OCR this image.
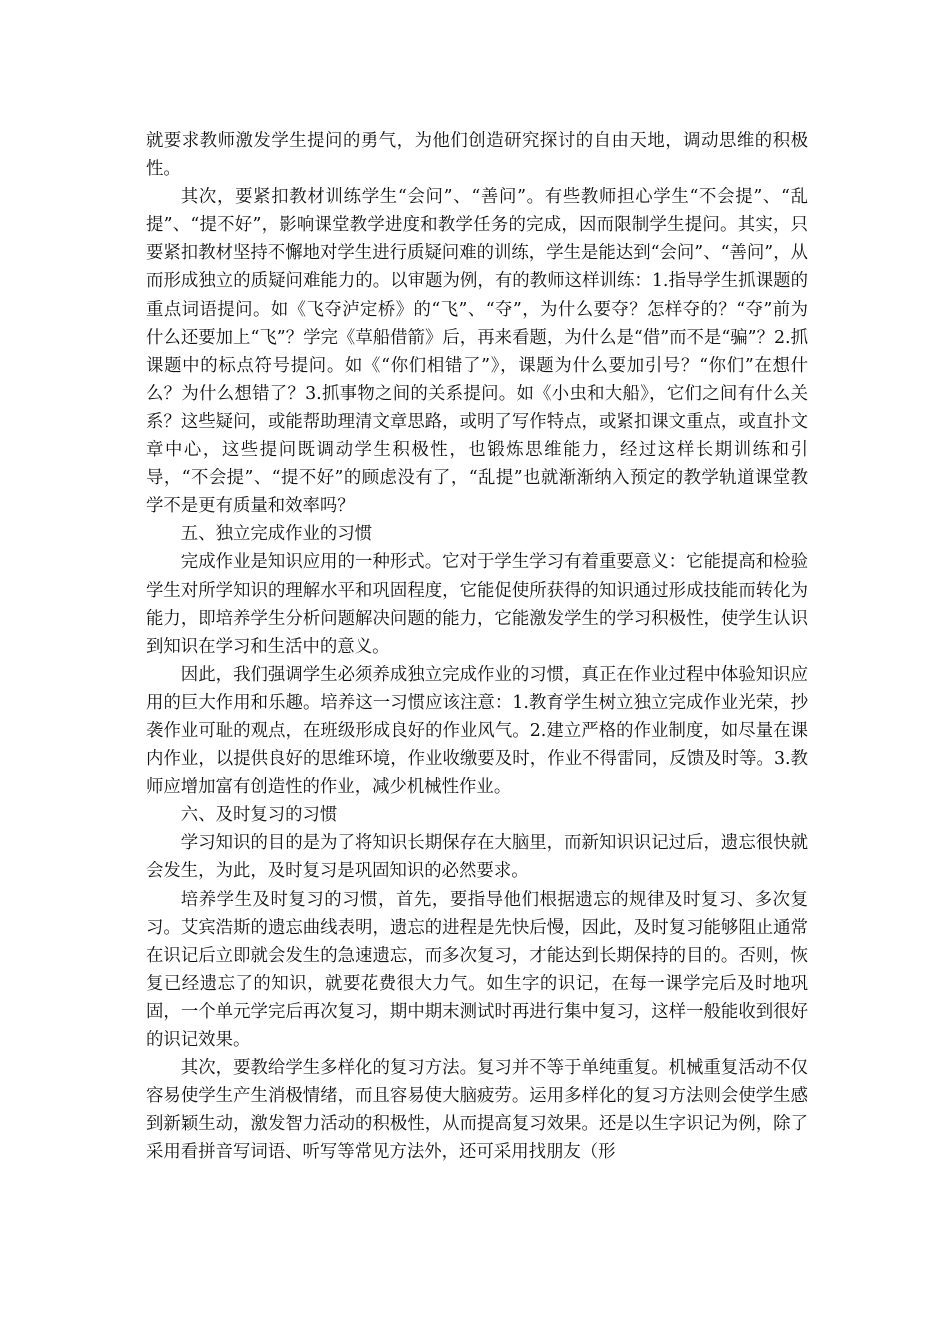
就要求教师激发学生提问的勇气，为他们创造研究探讨的自由天地，调动思维的积极性。

其次，要紧扣教材训练学生“会问”、“善问”。有些教师担心学生“不会提”、“乱提”、“提不好”，影响课堂教学进度和教学任务的完成，因而限制学生提问。其实，只要紧扣教材坚持不懈地对学生进行质疑问难的训练，学生是能达到“会问”、“善问”，从而形成独立的质疑问难能力的。以审题为例，有的教师这样训练：1.指导学生抓课题的重点词语提问。如《飞夺泸定桥》的“飞”、“夺”，为什么要夺？怎样夺的？“夺”前为什么还要加上“飞”？学完《草船借箭》后，再来看题，为什么是“借”而不是“骗”？2.抓课题中的标点符号提问。如《“你们相错了”》，课题为什么要加引号？“你们”在想什么？为什么想错了？3.抓事物之间的关系提问。如《小虫和大船》，它们之间有什么关系？这些疑问，或能帮助理清文章思路，或明了写作特点，或紧扣课文重点，或直扑文章中心，这些提问既调动学生积极性，也锻炼思维能力，经过这样长期训练和引导，“不会提”、“提不好”的顾虑没有了，“乱提”也就渐渐纳入预定的教学轨道课堂教学不是更有质量和效率吗？

五、独立完成作业的习惯

完成作业是知识应用的一种形式。它对于学生学习有着重要意义：它能提高和检验学生对所学知识的理解水平和巩固程度，它能促使所获得的知识通过形成技能而转化为能力，即培养学生分析问题解决问题的能力，它能激发学生的学习积极性，使学生认识到知识在学习和生活中的意义。

因此，我们强调学生必须养成独立完成作业的习惯，真正在作业过程中体验知识应用的巨大作用和乐趣。培养这一习惯应该注意：1.教育学生树立独立完成作业光荣，抄袭作业可耻的观点，在班级形成良好的作业风气。2.建立严格的作业制度，如尽量在课内作业，以提供良好的思维环境，作业收缴要及时，作业不得雷同，反馈及时等。3.教师应增加富有创造性的作业，减少机械性作业。

六、及时复习的习惯

学习知识的目的是为了将知识长期保存在大脑里，而新知识识记过后，遗忘很快就会发生，为此，及时复习是巩固知识的必然要求。

培养学生及时复习的习惯，首先，要指导他们根据遗忘的规律及时复习、多次复习。艾宾浩斯的遗忘曲线表明，遗忘的进程是先快后慢，因此，及时复习能够阻止通常在识记后立即就会发生的急速遗忘，而多次复习，才能达到长期保持的目的。否则，恢复已经遗忘了的知识，就要花费很大力气。如生字的识记，在每一课学完后及时地巩固，一个单元学完后再次复习，期中期末测试时再进行集中复习，这样一般能收到很好的识记效果。

其次，要教给学生多样化的复习方法。复习并不等于单纯重复。机械重复活动不仅容易使学生产生消极情绪，而且容易使大脑疲劳。运用多样化的复习方法则会使学生感到新颖生动，激发智力活动的积极性，从而提高复习效果。还是以生字识记为例，除了采用看拼音写词语、听写等常见方法外，还可采用找朋友（形
